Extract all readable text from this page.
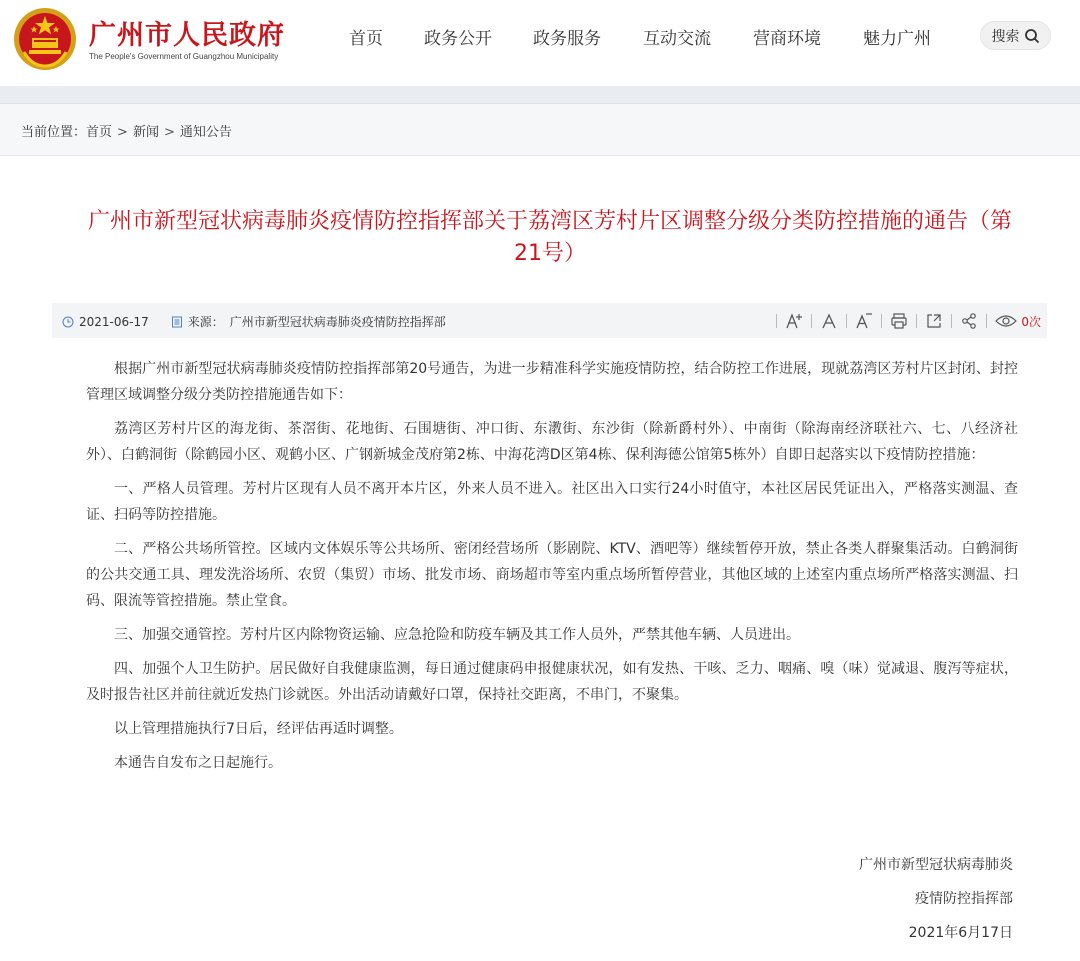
广州市人民政府
The People's Government of Guangzhou Municipality
首页 政务公开 政务服务 互动交流 营商环境 魅力广州	搜索
当前位置：首页 > 新闻 > 通知公告
广州市新型冠状病毒肺炎疫情防控指挥部关于荔湾区芳村片区调整分级分类防控措施的通告（第21号）
2021-06-17	来源： 广州市新型冠状病毒肺炎疫情防控指挥部	0次

根据广州市新型冠状病毒肺炎疫情防控指挥部第20号通告，为进一步精准科学实施疫情防控，结合防控工作进展，现就荔湾区芳村片区封闭、封控管理区域调整分级分类防控措施通告如下：

荔湾区芳村片区的海龙街、茶滘街、花地街、石围塘街、冲口街、东漖街、东沙街（除新爵村外）、中南街（除海南经济联社六、七、八经济社外）、白鹤洞街（除鹤园小区、观鹤小区、广钢新城金茂府第2栋、中海花湾D区第4栋、保利海德公馆第5栋外）自即日起落实以下疫情防控措施：

一、严格人员管理。芳村片区现有人员不离开本片区，外来人员不进入。社区出入口实行24小时值守，本社区居民凭证出入，严格落实测温、查证、扫码等防控措施。

二、严格公共场所管控。区域内文体娱乐等公共场所、密闭经营场所（影剧院、KTV、酒吧等）继续暂停开放，禁止各类人群聚集活动。白鹤洞街的公共交通工具、理发洗浴场所、农贸（集贸）市场、批发市场、商场超市等室内重点场所暂停营业，其他区域的上述室内重点场所严格落实测温、扫码、限流等管控措施。禁止堂食。

三、加强交通管控。芳村片区内除物资运输、应急抢险和防疫车辆及其工作人员外，严禁其他车辆、人员进出。

四、加强个人卫生防护。居民做好自我健康监测，每日通过健康码申报健康状况，如有发热、干咳、乏力、咽痛、嗅（味）觉减退、腹泻等症状，及时报告社区并前往就近发热门诊就医。外出活动请戴好口罩，保持社交距离，不串门，不聚集。

以上管理措施执行7日后，经评估再适时调整。

本通告自发布之日起施行。

广州市新型冠状病毒肺炎
疫情防控指挥部
2021年6月17日
